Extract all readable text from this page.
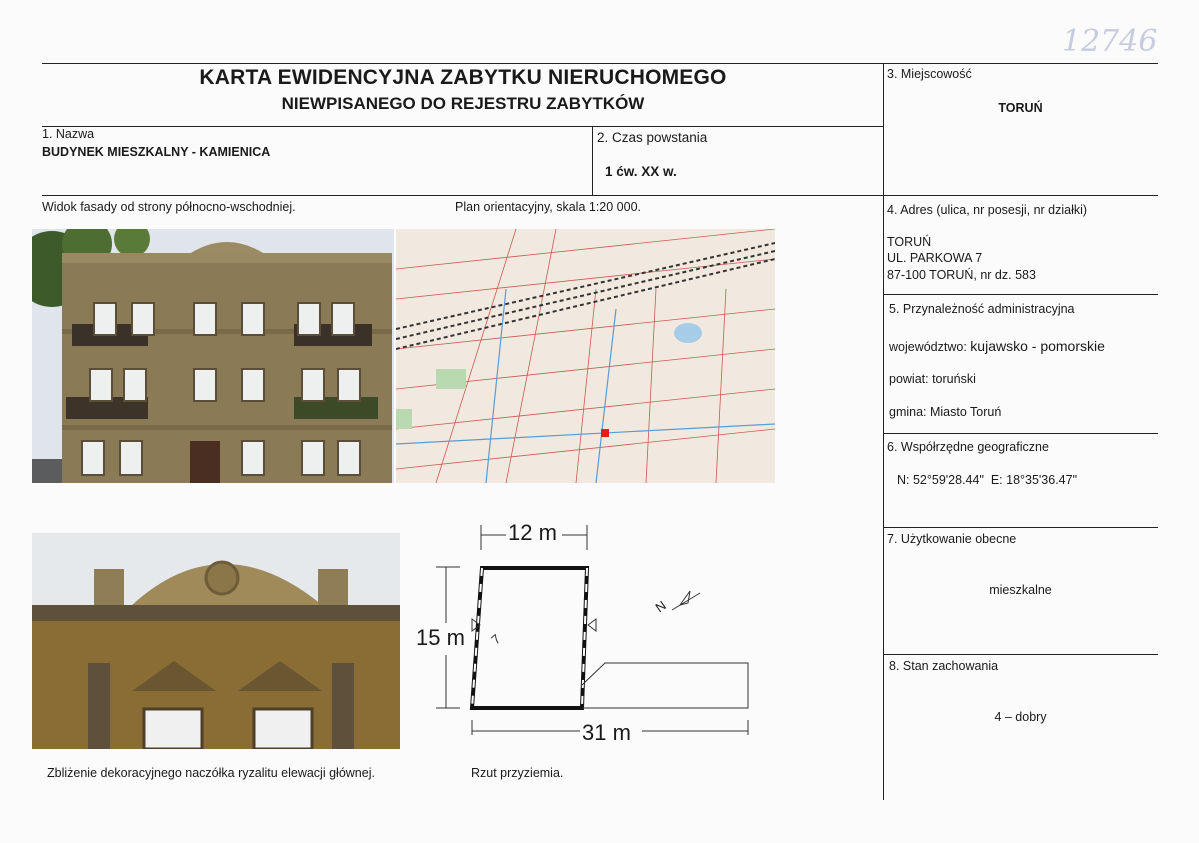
12746
KARTA EWIDENCYJNA ZABYTKU NIERUCHOMEGO
NIEWPISANEGO DO REJESTRU ZABYTKÓW
1. Nazwa
BUDYNEK MIESZKALNY - KAMIENICA
2. Czas powstania
1 ćw. XX w.
3. Miejscowość
TORUŃ
4. Adres (ulica, nr posesji, nr działki)
TORUŃ
UL. PARKOWA 7
87-100 TORUŃ, nr dz. 583
5. Przynależność administracyjna
województwo: kujawsko - pomorskie
powiat: toruński
gmina: Miasto Toruń
6. Współrzędne geograficzne
N: 52°59'28.44"  E: 18°35'36.47"
7. Użytkowanie obecne
mieszkalne
8. Stan zachowania
4 – dobry
Widok fasady od strony północno-wschodniej.	Plan orientacyjny, skala 1:20 000.
Zbliżenie dekoracyjnego naczółka ryzalitu elewacji głównej.	Rzut przyziemia.
7
12 m
15 m
31 m
N
